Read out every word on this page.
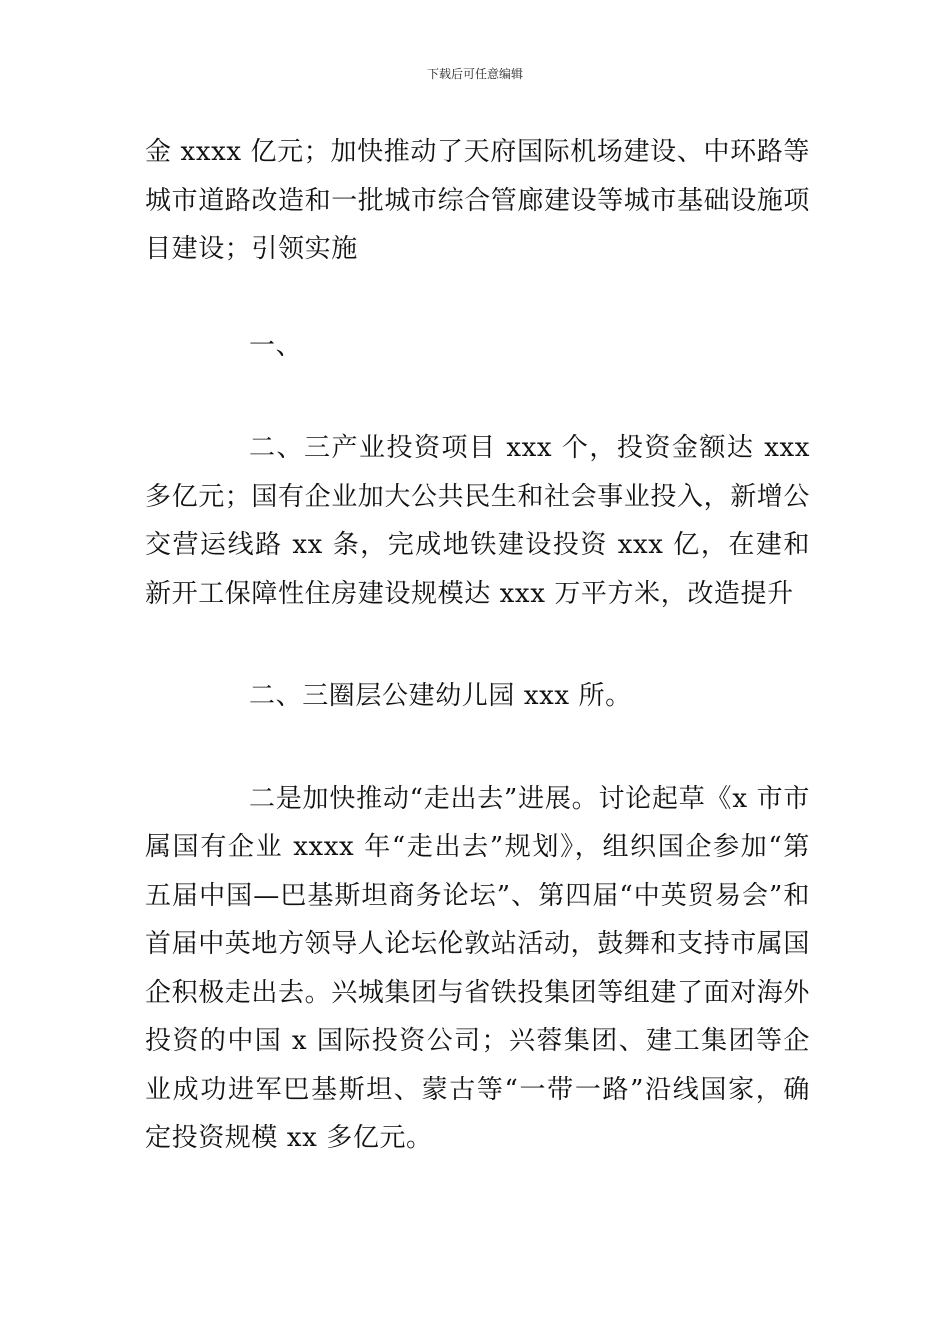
下载后可任意编辑

金 xxxx 亿元；加快推动了天府国际机场建设、中环路等城市道路改造和一批城市综合管廊建设等城市基础设施项目建设；引领实施

一、

二、三产业投资项目 xxx 个，投资金额达 xxx 多亿元；国有企业加大公共民生和社会事业投入，新增公交营运线路 xx 条，完成地铁建设投资 xxx 亿，在建和新开工保障性住房建设规模达 xxx 万平方米，改造提升

二、三圈层公建幼儿园 xxx 所。

二是加快推动“走出去”进展。讨论起草《x 市市属国有企业 xxxx 年“走出去”规划》，组织国企参加“第五届中国—巴基斯坦商务论坛”、第四届“中英贸易会”和首届中英地方领导人论坛伦敦站活动，鼓舞和支持市属国企积极走出去。兴城集团与省铁投集团等组建了面对海外投资的中国 x 国际投资公司；兴蓉集团、建工集团等企业成功进军巴基斯坦、蒙古等“一带一路”沿线国家，确定投资规模 xx 多亿元。
